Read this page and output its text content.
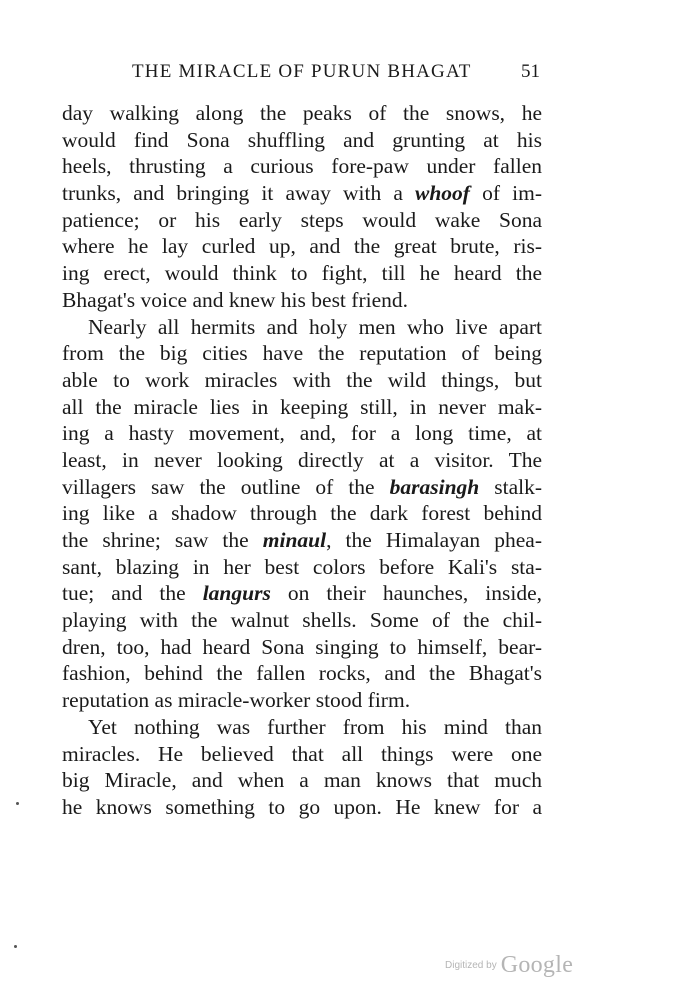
THE MIRACLE OF PURUN BHAGAT	51
day walking along the peaks of the snows, he
would find Sona shuffling and grunting at his
heels, thrusting a curious fore-paw under fallen
trunks, and bringing it away with a whoof of im-
patience; or his early steps would wake Sona
where he lay curled up, and the great brute, ris-
ing erect, would think to fight, till he heard the
Bhagat's voice and knew his best friend.
Nearly all hermits and holy men who live apart
from the big cities have the reputation of being
able to work miracles with the wild things, but
all the miracle lies in keeping still, in never mak-
ing a hasty movement, and, for a long time, at
least, in never looking directly at a visitor. The
villagers saw the outline of the barasingh stalk-
ing like a shadow through the dark forest behind
the shrine; saw the minaul, the Himalayan phea-
sant, blazing in her best colors before Kali's sta-
tue; and the langurs on their haunches, inside,
playing with the walnut shells. Some of the chil-
dren, too, had heard Sona singing to himself, bear-
fashion, behind the fallen rocks, and the Bhagat's
reputation as miracle-worker stood firm.
Yet nothing was further from his mind than
miracles. He believed that all things were one
big Miracle, and when a man knows that much
he knows something to go upon. He knew for a
Digitized by Google
